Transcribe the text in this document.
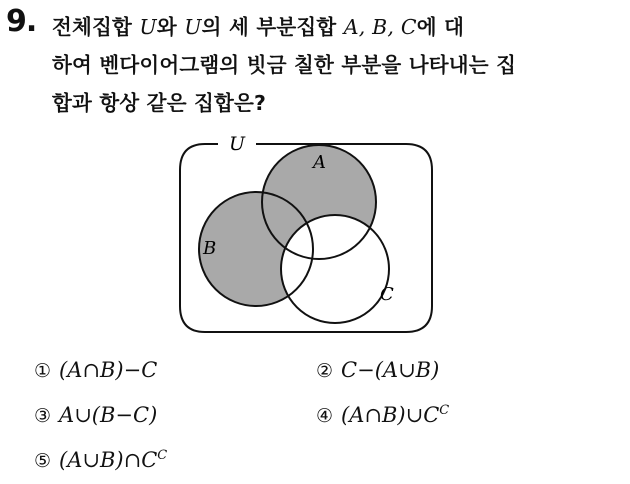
9. 전체집합 U와 U의 세 부분집합 A, B, C에 대
하여 벤다이어그램의 빗금 칠한 부분을 나타내는 집
합과 항상 같은 집합은?
U
A
B
C
① (A∩B)−C	② C−(A∪B)
③ A∪(B−C)	④ $(A\cap B)\cup C^C$
⑤ $(A\cup B)\cap C^C$
